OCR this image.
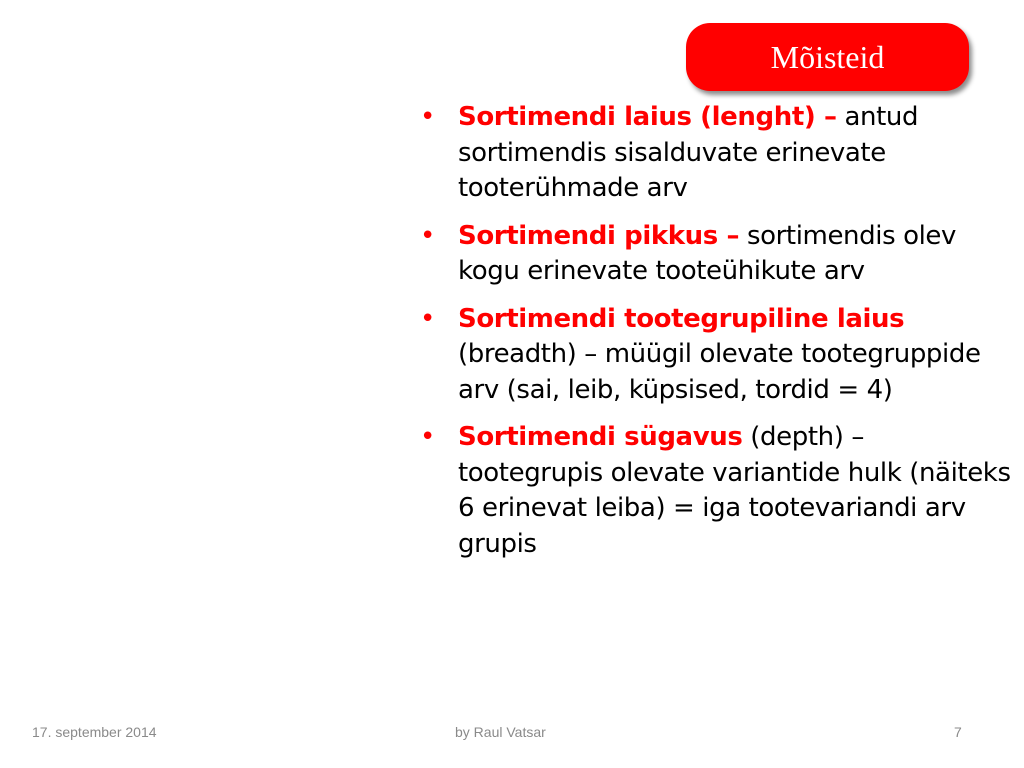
Mõisteid
• Sortimendi laius (lenght) – antud sortimendis sisalduvate erinevate tooterühmade arv
• Sortimendi pikkus – sortimendis olev kogu erinevate tooteühikute arv
• Sortimendi tootegrupiline laius (breadth) – müügil olevate tootegruppide arv (sai, leib, küpsised, tordid = 4)
• Sortimendi sügavus (depth) – tootegrupis olevate variantide hulk (näiteks 6 erinevat leiba) = iga tootevariandi arv grupis
17. september 2014	by Raul Vatsar	7
